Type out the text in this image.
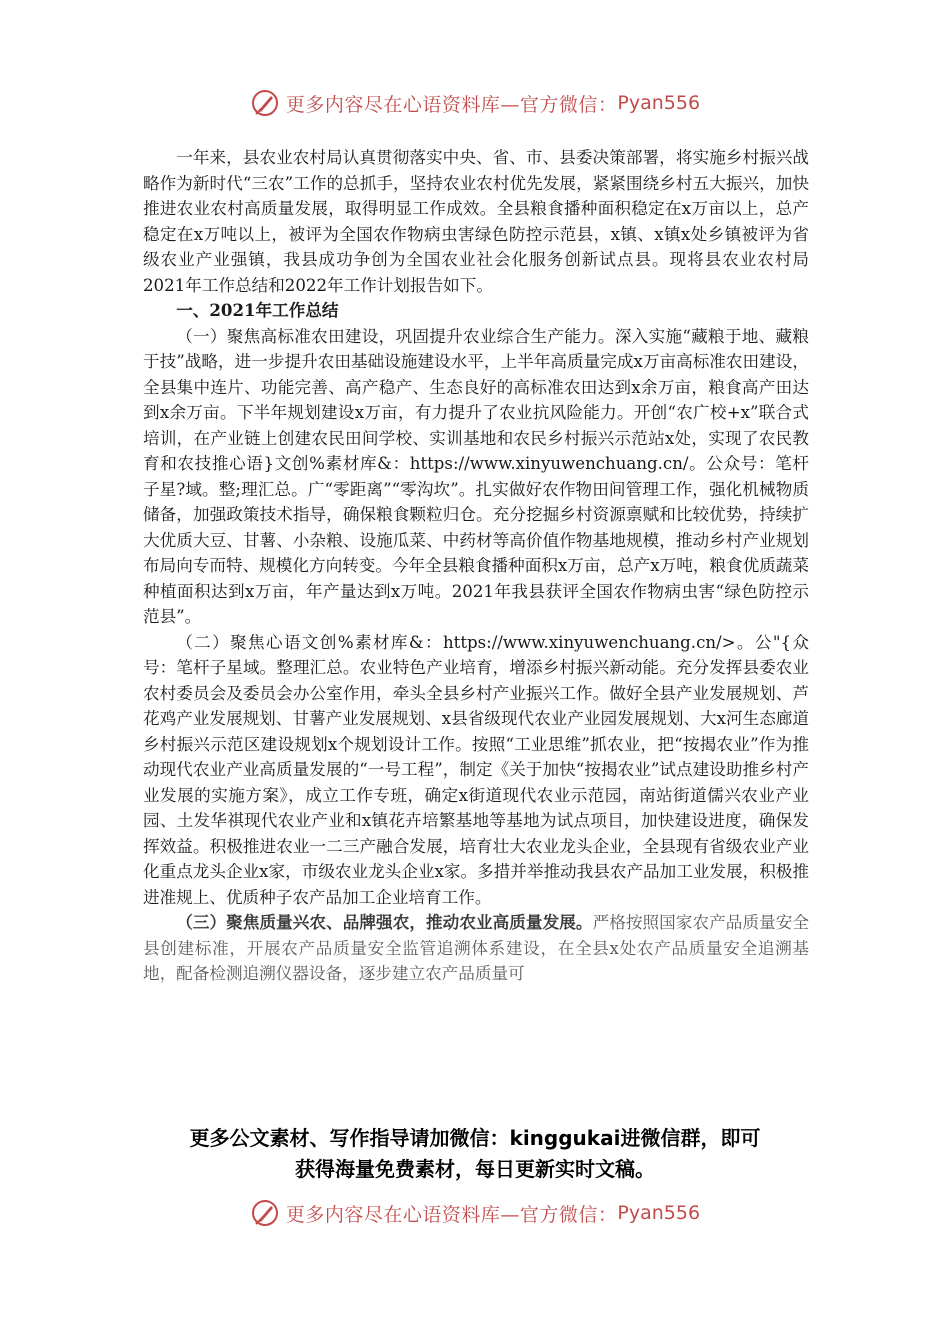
更多内容尽在心语资料库—官方微信： Pyan556

一年来，县农业农村局认真贯彻落实中央、省、市、县委决策部署，将实施乡村振兴战略作为新时代“三农”工作的总抓手，坚持农业农村优先发展，紧紧围绕乡村五大振兴，加快推进农业农村高质量发展，取得明显工作成效。全县粮食播种面积稳定在x万亩以上，总产稳定在x万吨以上，被评为全国农作物病虫害绿色防控示范县，x镇、x镇x处乡镇被评为省级农业产业强镇，我县成功争创为全国农业社会化服务创新试点县。现将县农业农村局2021年工作总结和2022年工作计划报告如下。

一、2021年工作总结

（一）聚焦高标准农田建设，巩固提升农业综合生产能力。深入实施“藏粮于地、藏粮于技”战略，进一步提升农田基础设施建设水平，上半年高质量完成x万亩高标准农田建设，全县集中连片、功能完善、高产稳产、生态良好的高标准农田达到x余万亩，粮食高产田达到x余万亩。下半年规划建设x万亩，有力提升了农业抗风险能力。开创“农广校+x”联合式培训，在产业链上创建农民田间学校、实训基地和农民乡村振兴示范站x处，实现了农民教育和农技推心语}文创%素材库&：https://www.xinyuwenchuang.cn/。公众号：笔杆子星?域。整;理汇总。广“零距离”“零沟坎”。扎实做好农作物田间管理工作，强化机械物质储备，加强政策技术指导，确保粮食颗粒归仓。充分挖掘乡村资源禀赋和比较优势，持续扩大优质大豆、甘薯、小杂粮、设施瓜菜、中药材等高价值作物基地规模，推动乡村产业规划布局向专而特、规模化方向转变。今年全县粮食播种面积x万亩，总产x万吨，粮食优质蔬菜种植面积达到x万亩，年产量达到x万吨。2021年我县获评全国农作物病虫害“绿色防控示范县”。

（二）聚焦心语文创%素材库&：https://www.xinyuwenchuang.cn/>。公"{众号：笔杆子星域。整理汇总。农业特色产业培育，增添乡村振兴新动能。充分发挥县委农业农村委员会及委员会办公室作用，牵头全县乡村产业振兴工作。做好全县产业发展规划、芦花鸡产业发展规划、甘薯产业发展规划、x县省级现代农业产业园发展规划、大x河生态廊道乡村振兴示范区建设规划x个规划设计工作。按照“工业思维”抓农业，把“按揭农业”作为推动现代农业产业高质量发展的“一号工程”，制定《关于加快“按揭农业”试点建设助推乡村产业发展的实施方案》，成立工作专班，确定x街道现代农业示范园，南站街道儒兴农业产业园、土发华祺现代农业产业和x镇花卉培繁基地等基地为试点项目，加快建设进度，确保发挥效益。积极推进农业一二三产融合发展，培育壮大农业龙头企业，全县现有省级农业产业化重点龙头企业x家，市级农业龙头企业x家。多措并举推动我县农产品加工业发展，积极推进准规上、优质种子农产品加工企业培育工作。

（三）聚焦质量兴农、品牌强农，推动农业高质量发展。严格按照国家农产品质量安全县创建标准，开展农产品质量安全监管追溯体系建设，在全县x处农产品质量安全追溯基地，配备检测追溯仪器设备，逐步建立农产品质量可

更多公文素材、写作指导请加微信：kinggukai进微信群，即可
获得海量免费素材，每日更新实时文稿。
更多内容尽在心语资料库—官方微信： Pyan556
